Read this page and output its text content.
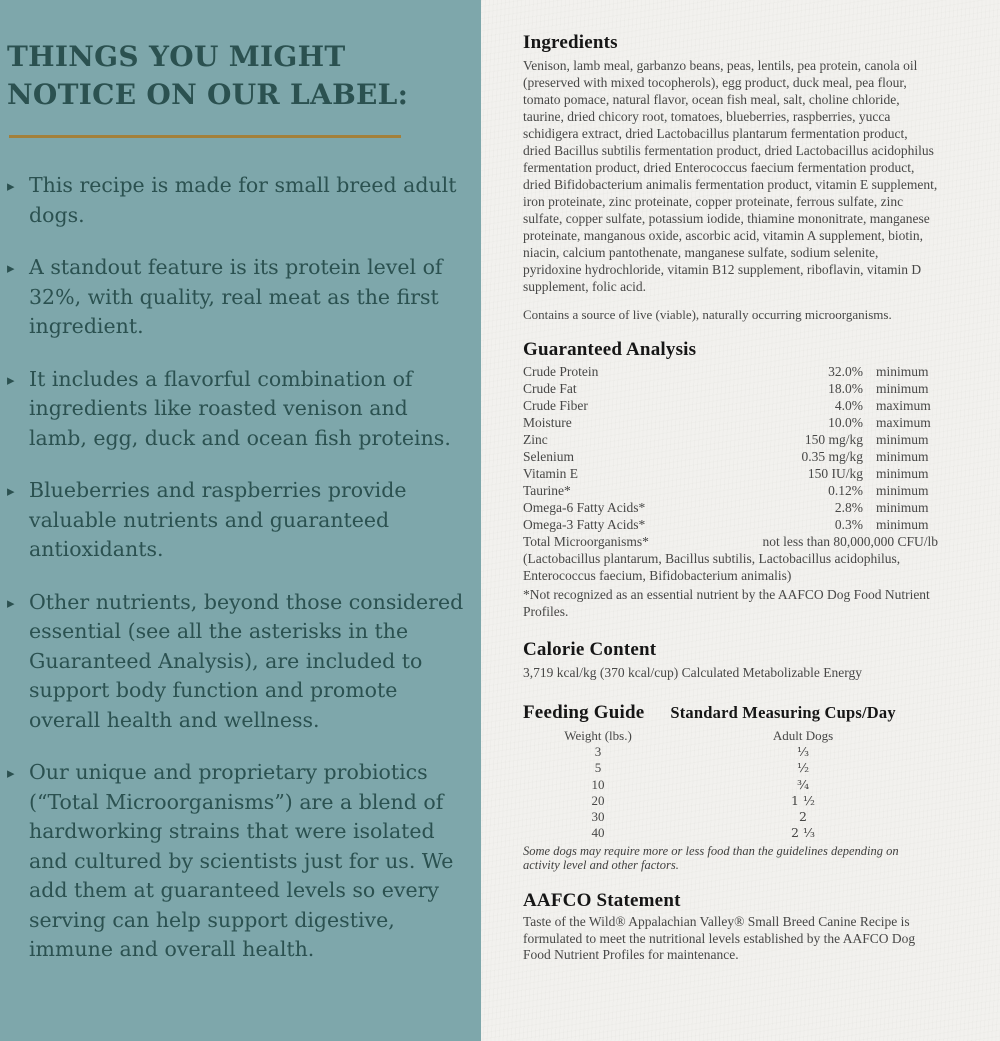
THINGS YOU MIGHT NOTICE ON OUR LABEL:

▸ This recipe is made for small breed adult dogs.

▸ A standout feature is its protein level of 32%, with quality, real meat as the first ingredient.

▸ It includes a flavorful combination of ingredients like roasted venison and lamb, egg, duck and ocean fish proteins.

▸ Blueberries and raspberries provide valuable nutrients and guaranteed antioxidants.

▸ Other nutrients, beyond those considered essential (see all the asterisks in the Guaranteed Analysis), are included to support body function and promote overall health and wellness.

▸ Our unique and proprietary probiotics (“Total Microorganisms”) are a blend of hardworking strains that were isolated and cultured by scientists just for us. We add them at guaranteed levels so every serving can help support digestive, immune and overall health.

Ingredients

Venison, lamb meal, garbanzo beans, peas, lentils, pea protein, canola oil (preserved with mixed tocopherols), egg product, duck meal, pea flour, tomato pomace, natural flavor, ocean fish meal, salt, choline chloride, taurine, dried chicory root, tomatoes, blueberries, raspberries, yucca schidigera extract, dried Lactobacillus plantarum fermentation product, dried Bacillus subtilis fermentation product, dried Lactobacillus acidophilus fermentation product, dried Enterococcus faecium fermentation product, dried Bifidobacterium animalis fermentation product, vitamin E supplement, iron proteinate, zinc proteinate, copper proteinate, ferrous sulfate, zinc sulfate, copper sulfate, potassium iodide, thiamine mononitrate, manganese proteinate, manganous oxide, ascorbic acid, vitamin A supplement, biotin, niacin, calcium pantothenate, manganese sulfate, sodium selenite, pyridoxine hydrochloride, vitamin B12 supplement, riboflavin, vitamin D supplement, folic acid.

Contains a source of live (viable), naturally occurring microorganisms.

Guaranteed Analysis
Crude Protein	32.0% minimum
Crude Fat	18.0% minimum
Crude Fiber	4.0% maximum
Moisture	10.0% maximum
Zinc	150 mg/kg minimum
Selenium	0.35 mg/kg minimum
Vitamin E	150 IU/kg minimum
Taurine*	0.12% minimum
Omega-6 Fatty Acids*	2.8% minimum
Omega-3 Fatty Acids*	0.3% minimum
Total Microorganisms*	not less than 80,000,000 CFU/lb

(Lactobacillus plantarum, Bacillus subtilis, Lactobacillus acidophilus, Enterococcus faecium, Bifidobacterium animalis)

*Not recognized as an essential nutrient by the AAFCO Dog Food Nutrient Profiles.

Calorie Content

3,719 kcal/kg (370 kcal/cup) Calculated Metabolizable Energy

Feeding Guide Standard Measuring Cups/Day
Weight (lbs.)	Adult Dogs
3	⅓
5	½
10	¾
20	1 ½
30	2
40	2 ⅓

Some dogs may require more or less food than the guidelines depending on activity level and other factors.

AAFCO Statement

Taste of the Wild® Appalachian Valley® Small Breed Canine Recipe is formulated to meet the nutritional levels established by the AAFCO Dog Food Nutrient Profiles for maintenance.
